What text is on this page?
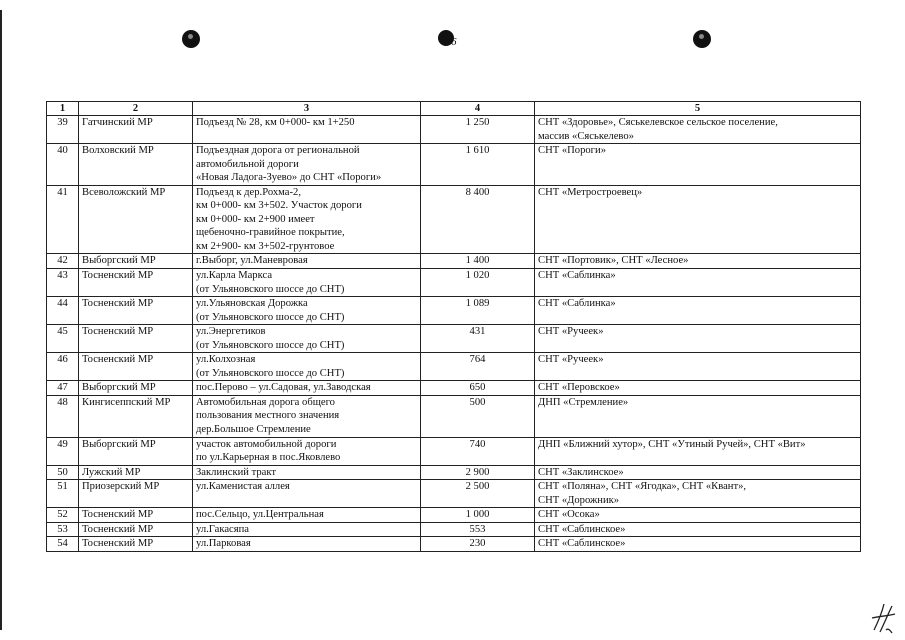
6
1	2	3	4	5
39	Гатчинский МР	Подъезд № 28, км 0+000- км 1+250	1 250	СНТ «Здоровье», Сяськелевское сельское поселение,
массив «Сяськелево»
40	Волховский МР	Подъездная дорога от региональной
автомобильной дороги
«Новая Ладога-Зуево» до СНТ «Пороги»	1 610	СНТ «Пороги»
41	Всеволожский МР	Подъезд к дер.Рохма-2,
км 0+000- км 3+502. Участок дороги
км 0+000- км 2+900 имеет
щебеночно-гравийное покрытие,
км 2+900- км 3+502-грунтовое	8 400	СНТ «Метростроевец»
42	Выборгский МР	г.Выборг, ул.Маневровая	1 400	СНТ «Портовик», СНТ «Лесное»
43	Тосненский МР	ул.Карла Маркса
(от Ульяновского шоссе до СНТ)	1 020	СНТ «Саблинка»
44	Тосненский МР	ул.Ульяновская Дорожка
(от Ульяновского шоссе до СНТ)	1 089	СНТ «Саблинка»
45	Тосненский МР	ул.Энергетиков
(от Ульяновского шоссе до СНТ)	431	СНТ «Ручеек»
46	Тосненский МР	ул.Колхозная
(от Ульяновского шоссе до СНТ)	764	СНТ «Ручеек»
47	Выборгский МР	пос.Перово – ул.Садовая, ул.Заводская	650	СНТ «Перовское»
48	Кингисеппский МР	Автомобильная дорога общего
пользования местного значения
дер.Большое Стремление	500	ДНП «Стремление»
49	Выборгский МР	участок автомобильной дороги
по ул.Карьерная в пос.Яковлево	740	ДНП «Ближний хутор», СНТ «Утиный Ручей», СНТ «Вит»
50	Лужский МР	Заклинский тракт	2 900	СНТ «Заклинское»
51	Приозерский МР	ул.Каменистая аллея	2 500	СНТ «Поляна», СНТ «Ягодка», СНТ «Квант»,
СНТ «Дорожник»
52	Тосненский МР	пос.Сельцо, ул.Центральная	1 000	СНТ «Осока»
53	Тосненский МР	ул.Гакасяпа	553	СНТ «Саблинское»
54	Тосненский МР	ул.Парковая	230	СНТ «Саблинское»
